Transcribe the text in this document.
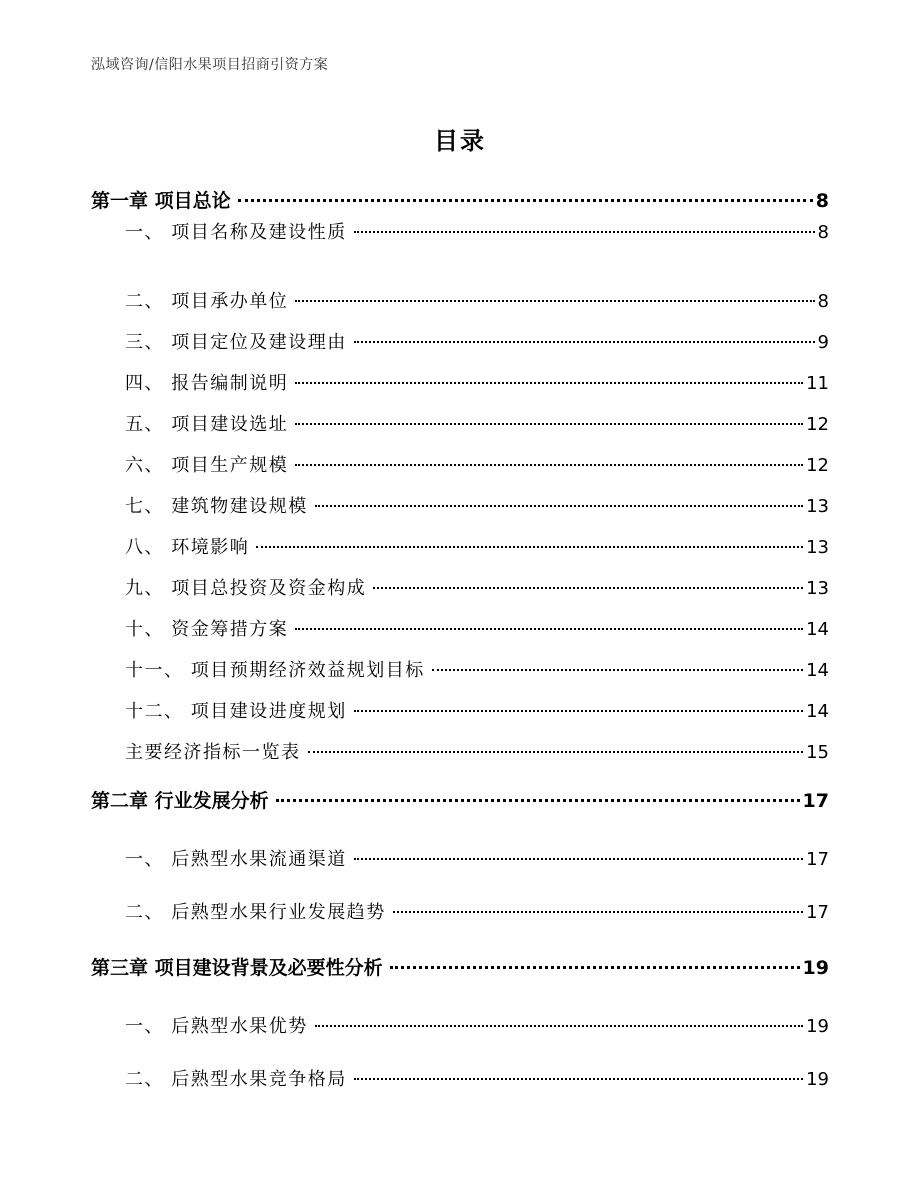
泓域咨询/信阳水果项目招商引资方案
目录
第一章 项目总论	8
一、 项目名称及建设性质	8
二、 项目承办单位	8
三、 项目定位及建设理由	9
四、 报告编制说明	11
五、 项目建设选址	12
六、 项目生产规模	12
七、 建筑物建设规模	13
八、 环境影响	13
九、 项目总投资及资金构成	13
十、 资金筹措方案	14
十一、 项目预期经济效益规划目标	14
十二、 项目建设进度规划	14
主要经济指标一览表	15
第二章 行业发展分析	17
一、 后熟型水果流通渠道	17
二、 后熟型水果行业发展趋势	17
第三章 项目建设背景及必要性分析	19
一、 后熟型水果优势	19
二、 后熟型水果竞争格局	19
